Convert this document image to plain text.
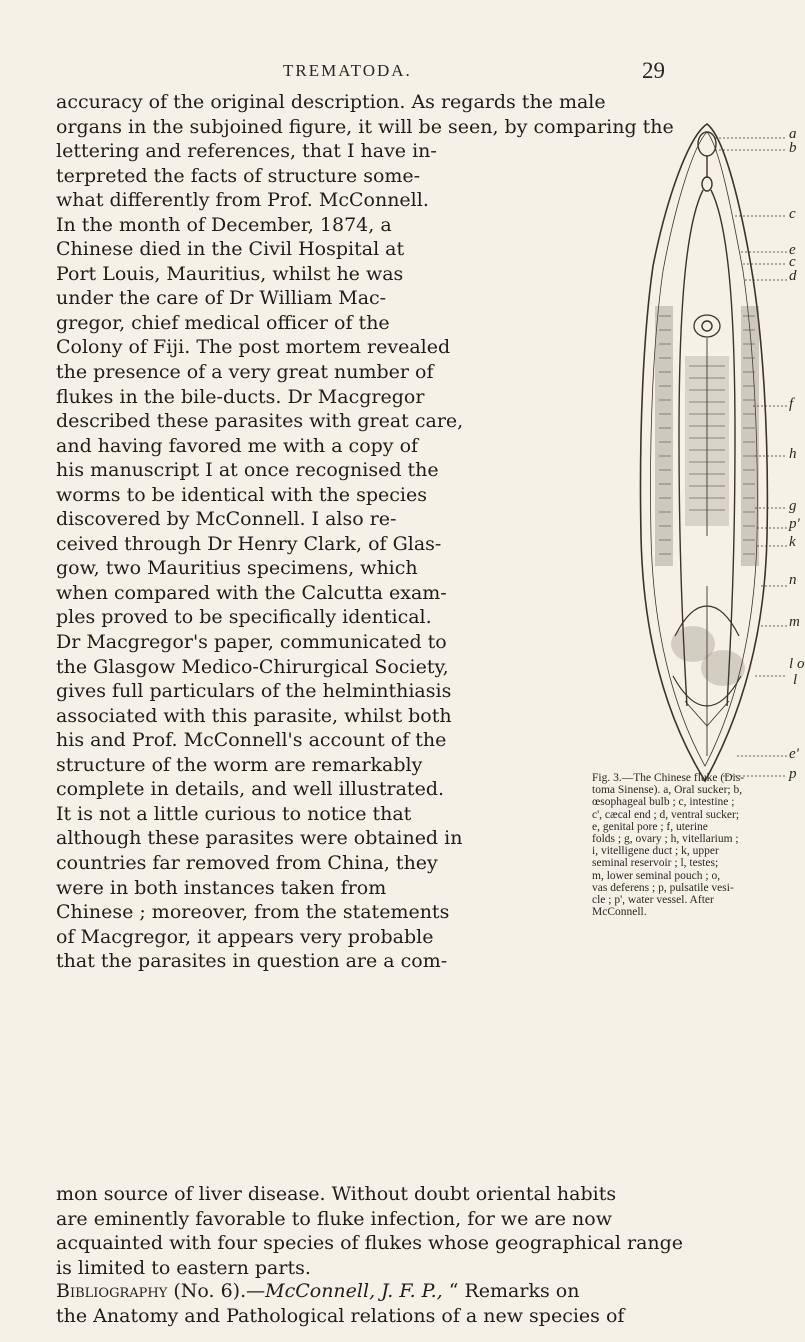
TREMATODA.	29
accuracy of the original description. As regards the male
organs in the subjoined figure, it will be seen, by comparing the
lettering and references, that I have in-
terpreted the facts of structure some-
what differently from Prof. McConnell.
In the month of December, 1874, a
Chinese died in the Civil Hospital at
Port Louis, Mauritius, whilst he was
under the care of Dr William Mac-
gregor, chief medical officer of the
Colony of Fiji. The post mortem revealed
the presence of a very great number of
flukes in the bile-ducts. Dr Macgregor
described these parasites with great care,
and having favored me with a copy of
his manuscript I at once recognised the
worms to be identical with the species
discovered by McConnell. I also re-
ceived through Dr Henry Clark, of Glas-
gow, two Mauritius specimens, which
when compared with the Calcutta exam-
ples proved to be specifically identical.
Dr Macgregor's paper, communicated to
the Glasgow Medico-Chirurgical Society,
gives full particulars of the helminthiasis
associated with this parasite, whilst both
his and Prof. McConnell's account of the
structure of the worm are remarkably
complete in details, and well illustrated.
It is not a little curious to notice that
although these parasites were obtained in
countries far removed from China, they
were in both instances taken from
Chinese ; moreover, from the statements
of Macgregor, it appears very probable
that the parasites in question are a com-
mon source of liver disease. Without doubt oriental habits
are eminently favorable to fluke infection, for we are now
acquainted with four species of flukes whose geographical range
is limited to eastern parts.
Bibliography (No. 6).—McConnell, J. F. P., “ Remarks on
the Anatomy and Pathological relations of a new species of
a
b
c
e
c
d
f
h
g
p'
k
n
m
l
l
o
e'
p
Fig. 3.—The Chinese fluke (Dis-
toma Sinense). a, Oral sucker; b,
œsophageal bulb ; c, intestine ;
c', cæcal end ; d, ventral sucker;
e, genital pore ; f, uterine
folds ; g, ovary ; h, vitellarium ;
i, vitelligene duct ; k, upper
seminal reservoir ; l, testes;
m, lower seminal pouch ; o,
vas deferens ; p, pulsatile vesi-
cle ; p', water vessel. After
McConnell.
